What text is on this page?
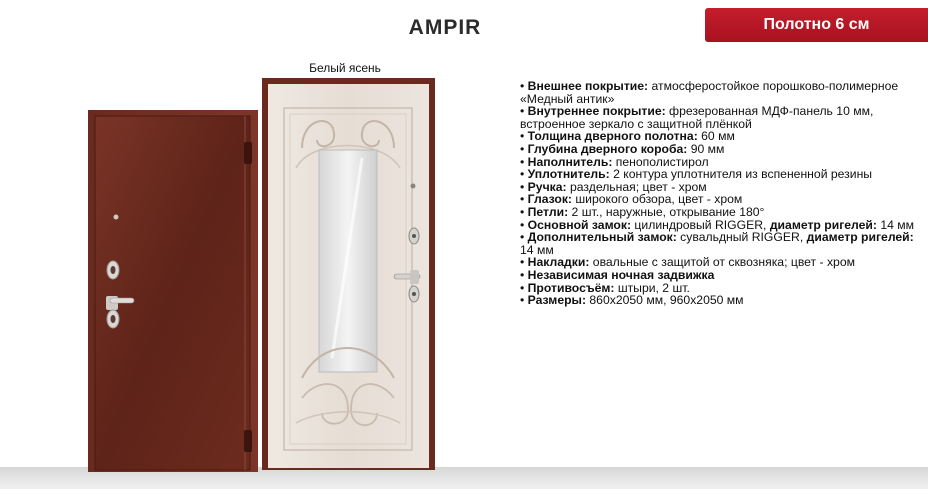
AMPIR	Полотно 6 см
Белый ясень

• Внешнее покрытие: атмосферостойкое порошково-полимерное «Медный антик»

• Внутреннее покрытие: фрезерованная МДФ-панель 10 мм, встроенное зеркало с защитной плёнкой

• Толщина дверного полотна: 60 мм

• Глубина дверного короба: 90 мм

• Наполнитель: пенополистирол

• Уплотнитель: 2 контура уплотнителя из вспененной резины

• Ручка: раздельная; цвет - хром

• Глазок: широкого обзора, цвет - хром

• Петли: 2 шт., наружные, открывание 180°

• Основной замок: цилиндровый RIGGER, диаметр ригелей: 14 мм

• Дополнительный замок: сувальдный RIGGER, диаметр ригелей: 14 мм

• Накладки: овальные с защитой от сквозняка; цвет - хром

• Независимая ночная задвижка

• Противосъём: штыри, 2 шт.

• Размеры: 860х2050 мм, 960х2050 мм
